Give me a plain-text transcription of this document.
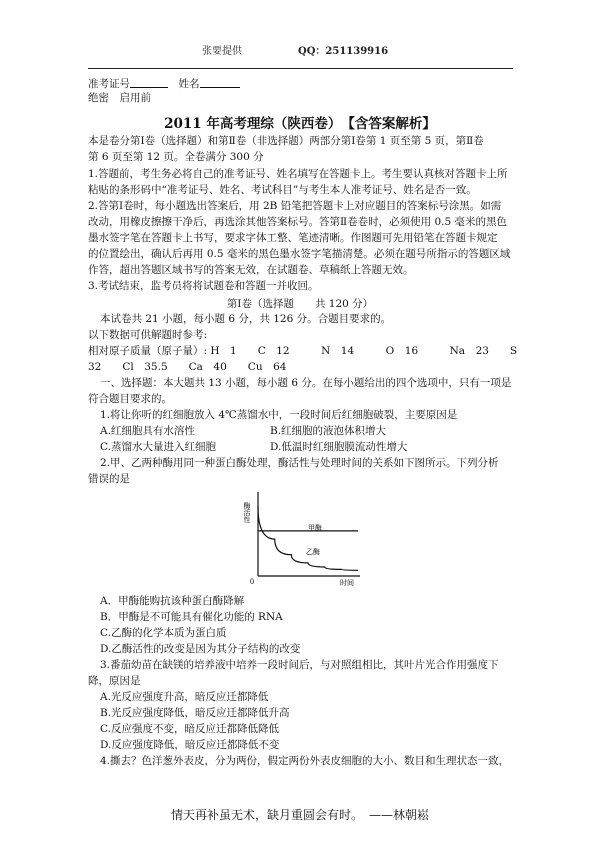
张要提供	QQ：251139916
准考证号　	姓名
绝密　启用前
2011 年高考理综（陕西卷）　【含答案解析】
本是卷分第Ⅰ卷（选择题）和第Ⅱ卷（非选择题）两部分第Ⅰ卷第 1 页至第 5 页，第Ⅱ卷
第 6 页至第 12 页。全卷满分 300 分
1.答题前，考生务必将自己的准考证号、姓名填写在答题卡上。考生要认真核对答题卡上所
粘贴的条形码中“准考证号、姓名、考试科目”与考生本人准考证号、姓名是否一致。
2.答第Ⅰ卷时，每小题选出答案后，用 2B 铅笔把答题卡上对应题目的答案标号涂黑。如需
改动，用橡皮擦擦干净后，再选涂其他答案标号。答第Ⅱ卷卷时，必须使用 0.5 毫米的黑色
墨水签字笔在答题卡上书写，要求字体工整、笔迹清晰。作图题可先用铅笔在答题卡规定
的位置绘出，确认后再用 0.5 毫米的黑色墨水签字笔描清楚。必须在题号所指示的答题区域
作答，超出答题区域书写的答案无效，在试题卷、草稿纸上答题无效。
3.考试结束，监考员将将试题卷和答题一并收回。
第Ⅰ卷（选择题　　共 120 分）
本试卷共 21 小题，每小题 6 分，共 126 分。合题目要求的。
以下数据可供解题时参考:
相对原子质量（原子量）: H　1　　C　12　　　N　14　　　O　16　　　Na　23　　S
32　　Cl　35.5　　Ca　40　　Cu　64
一、选择题：本大题共 13 小题，每小题 6 分。在每小题给出的四个选项中，只有一项是
符合题目要求的。
1.将让你听的红细胞放入 4℃蒸馏水中，一段时间后红细胞破裂，主要原因是
A.红细胞具有水溶性	B.红细胞的液泡体积增大
C.蒸馏水大量进入红细胞	D.低温时红细胞膜流动性增大
2.甲、乙两种酶用同一种蛋白酶处理，酶活性与处理时间的关系如下图所示。下列分析
错误的是
酶活性
0	时间
甲酶
乙酶
A．甲酶能购抗该种蛋白酶降解
B．甲酶是不可能具有催化功能的 RNA
C.乙酶的化学本质为蛋白质
D.乙酶活性的改变是因为其分子结构的改变
3.番茄幼苗在缺镁的培养液中培养一段时间后，与对照组相比，其叶片光合作用强度下
降，原因是
A.光反应强度升高，暗反应迁都降低
B.光反应强度降低，暗反应迁都降低升高
C.反应强度不变，暗反应迁都降低降低
D.反应强度降低，暗反应迁都降低不变
4.撕去？色洋葱外表皮，分为两份，假定两份外表皮细胞的大小、数目和生理状态一致，
情天再补虽无术，缺月重圆会有时。　——林朝崧
